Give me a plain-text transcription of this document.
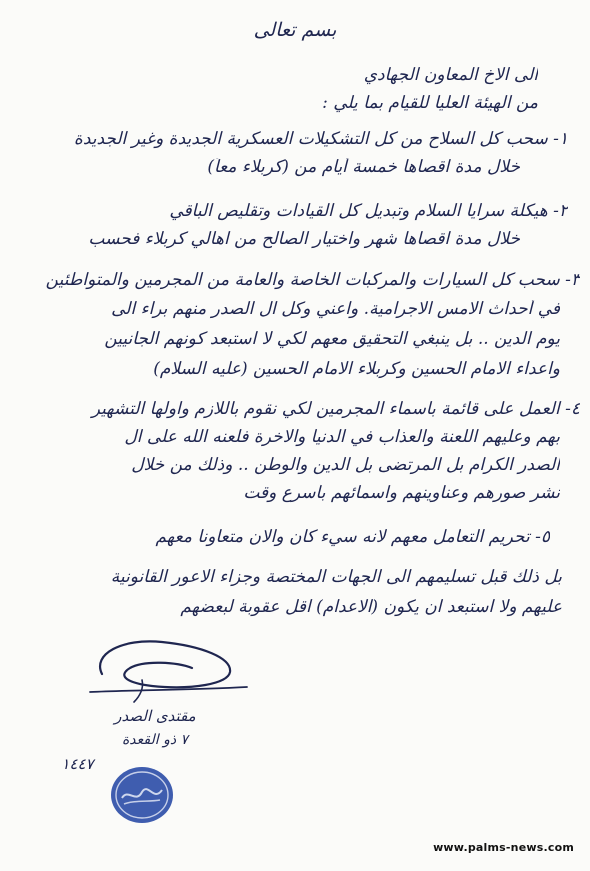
بسم تعالى
الى الاخ المعاون الجهادي
من الهيئة العليا للقيام بما يلي :
١- سحب كل السلاح من كل التشكيلات العسكرية الجديدة وغير الجديدة
خلال مدة اقصاها خمسة أيام من (كربلاء معاً)
٢- هيكلة سرايا السلام وتبديل كل القيادات وتقليص الباقي
خلال مدة اقصاها شهر واختيار الصالح من اهالي كربلاء فحسب
٣- سحب كل السيارات والمركبات الخاصة والعامة من المجرمين والمتواطئين
في أحداث الامس الاجرامية. واعني وكل آل الصدر منهم براء الى
يوم الدين .. بل ينبغي التحقيق معهم لكي لا استبعد كونهم الجانيين
واعداء الامام الحسين وكربلاء الامام الحسين (عليه السلام)
٤- العمل على قائمة باسماء المجرمين لكي نقوم باللازم واولها التشهير
بهم وعليهم اللعنة والعذاب في الدنيا والاخرة فلعنه الله على آل
الصدر الكرام بل المرتضى بل الدين والوطن .. وذلك من خلال
نشر صورهم وعناوينهم واسمائهم بأسرع وقت
٥- تحريم التعامل معهم لانه سيء كان والان متعاونا معهم
بل ذلك قبل تسليمهم الى الجهات المختصة وجزاء الاعور القانونية
عليهم ولا استبعد ان يكون (الاعدام) اقل عقوبة لبعضهم
مقتدى الصدر
٧ ذو القعدة
١٤٤٧
www.palms-news.com
